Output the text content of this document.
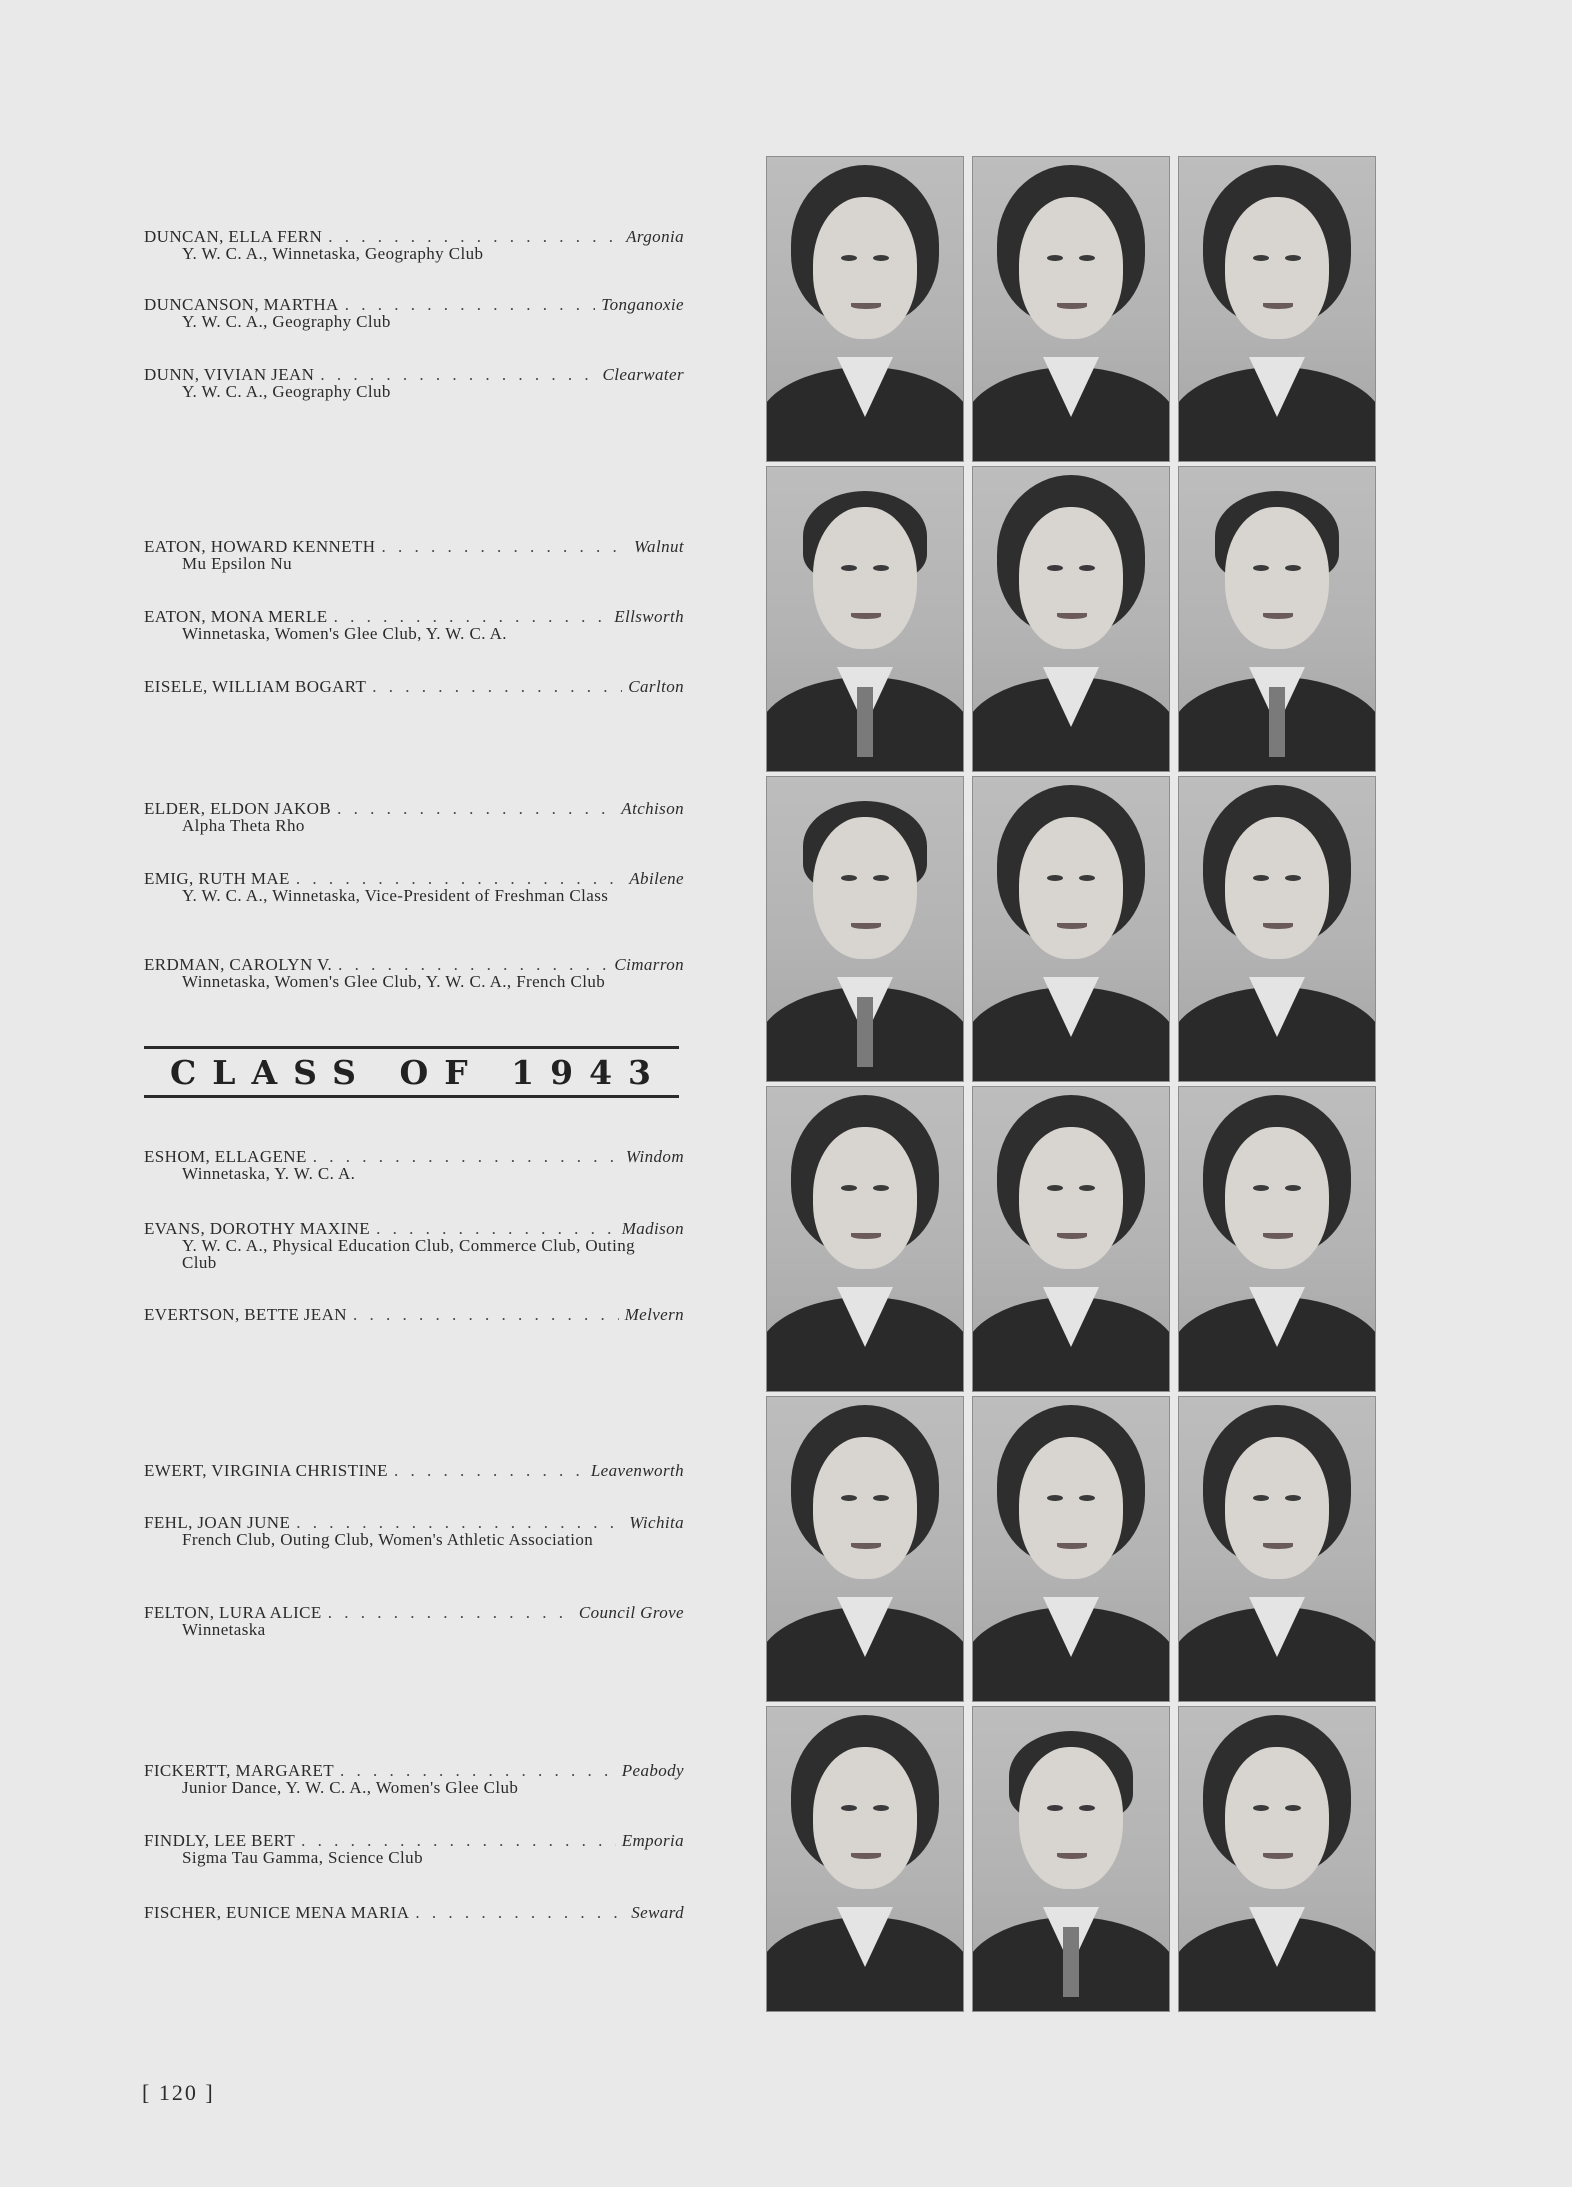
DUNCAN, ELLA FERN . . .	Argonia
Y. W. C. A., Winnetaska, Geography Club
DUNCANSON, MARTHA . . .	Tonganoxie
Y. W. C. A., Geography Club
DUNN, VIVIAN JEAN . . .	Clearwater
Y. W. C. A., Geography Club
EATON, HOWARD KENNETH . . .	Walnut
Mu Epsilon Nu
EATON, MONA MERLE . . .	Ellsworth
Winnetaska, Women's Glee Club, Y. W. C. A.
EISELE, WILLIAM BOGART . . .	Carlton
ELDER, ELDON JAKOB . . .	Atchison
Alpha Theta Rho
EMIG, RUTH MAE . . .	Abilene
Y. W. C. A., Winnetaska, Vice-President of Freshman Class
ERDMAN, CAROLYN V. . . .	Cimarron
Winnetaska, Women's Glee Club, Y. W. C. A., French Club
CLASS OF 1943
ESHOM, ELLAGENE . . .	Windom
Winnetaska, Y. W. C. A.
EVANS, DOROTHY MAXINE . . .	Madison
Y. W. C. A., Physical Education Club, Commerce Club, Outing Club
EVERTSON, BETTE JEAN . . .	Melvern
EWERT, VIRGINIA CHRISTINE . . .	Leavenworth
FEHL, JOAN JUNE . . .	Wichita
French Club, Outing Club, Women's Athletic Association
FELTON, LURA ALICE . . .	Council Grove
Winnetaska
FICKERTT, MARGARET . . .	Peabody
Junior Dance, Y. W. C. A., Women's Glee Club
FINDLY, LEE BERT . . .	Emporia
Sigma Tau Gamma, Science Club
FISCHER, EUNICE MENA MARIA . . .	Seward
[ 120 ]
